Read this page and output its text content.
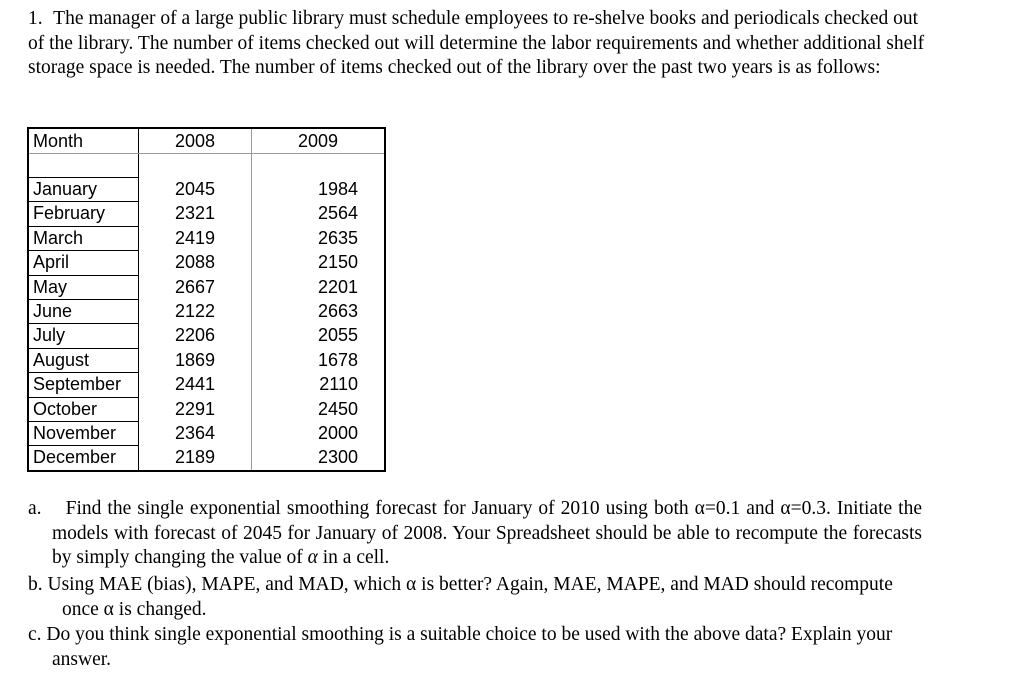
1. The manager of a large public library must schedule employees to re-shelve books and periodicals checked out of the library. The number of items checked out will determine the labor requirements and whether additional shelf storage space is needed. The number of items checked out of the library over the past two years is as follows:

Month	2008	2009

January	2045	1984
February	2321	2564
March	2419	2635
April	2088	2150
May	2667	2201
June	2122	2663
July	2206	2055
August	1869	1678
September	2441	2110
October	2291	2450
November	2364	2000
December	2189	2300

a. Find the single exponential smoothing forecast for January of 2010 using both α=0.1 and α=0.3. Initiate the models with forecast of 2045 for January of 2008. Your Spreadsheet should be able to recompute the forecasts by simply changing the value of α in a cell.

b. Using MAE (bias), MAPE, and MAD, which α is better? Again, MAE, MAPE, and MAD should recompute once α is changed.

c. Do you think single exponential smoothing is a suitable choice to be used with the above data? Explain your answer.
